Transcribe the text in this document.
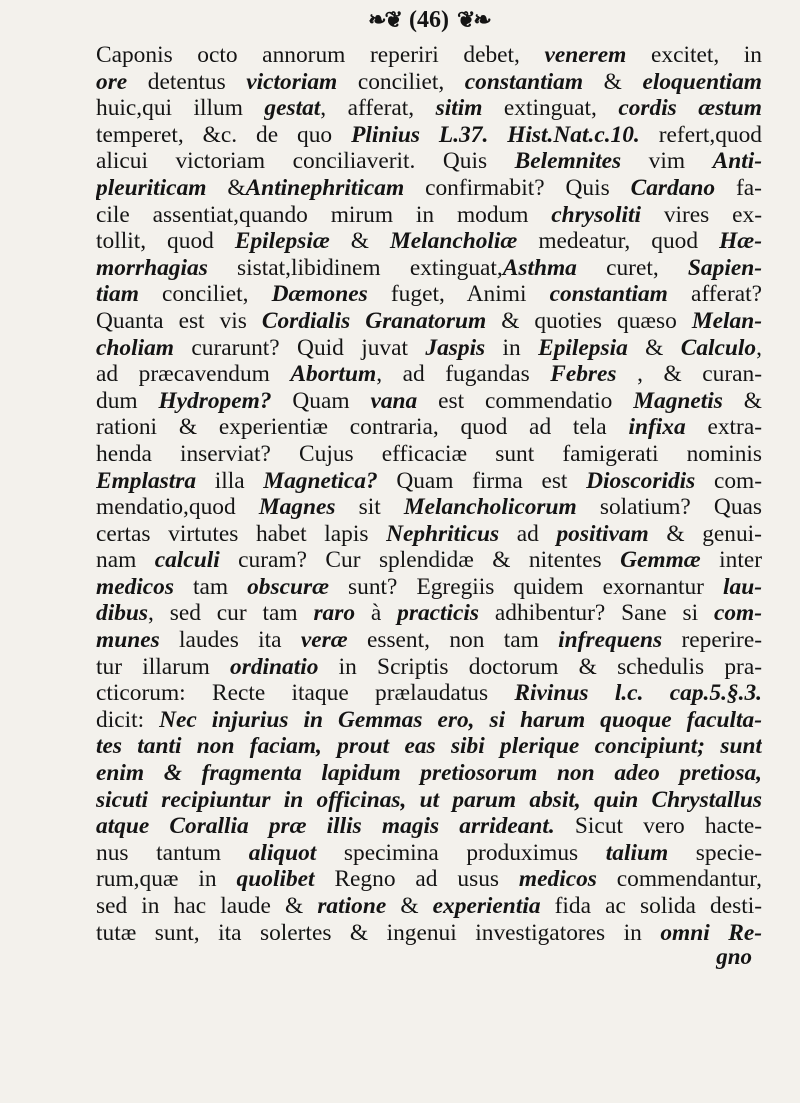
❧❦ (46) ❦❧
Caponis octo annorum reperiri debet, venerem excitet, in
ore detentus victoriam conciliet, constantiam & eloquentiam
huic,qui illum gestat, afferat, sitim extinguat, cordis æstum
temperet, &c. de quo Plinius L.37. Hist.Nat.c.10. refert,quod
alicui victoriam conciliaverit. Quis Belemnites vim Anti-
pleuriticam &Antinephriticam confirmabit? Quis Cardano fa-
cile assentiat,quando mirum in modum chrysoliti vires ex-
tollit, quod Epilepsiæ & Melancholiæ medeatur, quod Hæ-
morrhagias sistat,libidinem extinguat,Asthma curet, Sapien-
tiam conciliet, Dæmones fuget, Animi constantiam afferat?
Quanta est vis Cordialis Granatorum & quoties quæso Melan-
choliam curarunt? Quid juvat Jaspis in Epilepsia & Calculo,
ad præcavendum Abortum, ad fugandas Febres , & curan-
dum Hydropem? Quam vana est commendatio Magnetis &
rationi & experientiæ contraria, quod ad tela infixa extra-
henda inserviat? Cujus efficaciæ sunt famigerati nominis
Emplastra illa Magnetica? Quam firma est Dioscoridis com-
mendatio,quod Magnes sit Melancholicorum solatium? Quas
certas virtutes habet lapis Nephriticus ad positivam & genui-
nam calculi curam? Cur splendidæ & nitentes Gemmæ inter
medicos tam obscuræ sunt? Egregiis quidem exornantur lau-
dibus, sed cur tam raro à practicis adhibentur? Sane si com-
munes laudes ita veræ essent, non tam infrequens reperire-
tur illarum ordinatio in Scriptis doctorum & schedulis pra-
cticorum: Recte itaque prælaudatus Rivinus l.c. cap.5.§.3.
dicit: Nec injurius in Gemmas ero, si harum quoque faculta-
tes tanti non faciam, prout eas sibi plerique concipiunt; sunt
enim & fragmenta lapidum pretiosorum non adeo pretiosa,
sicuti recipiuntur in officinas, ut parum absit, quin Chrystallus
atque Corallia præ illis magis arrideant. Sicut vero hacte-
nus tantum aliquot specimina produximus talium specie-
rum,quæ in quolibet Regno ad usus medicos commendantur,
sed in hac laude & ratione & experientia fida ac solida desti-
tutæ sunt, ita solertes & ingenui investigatores in omni Re-
gno
